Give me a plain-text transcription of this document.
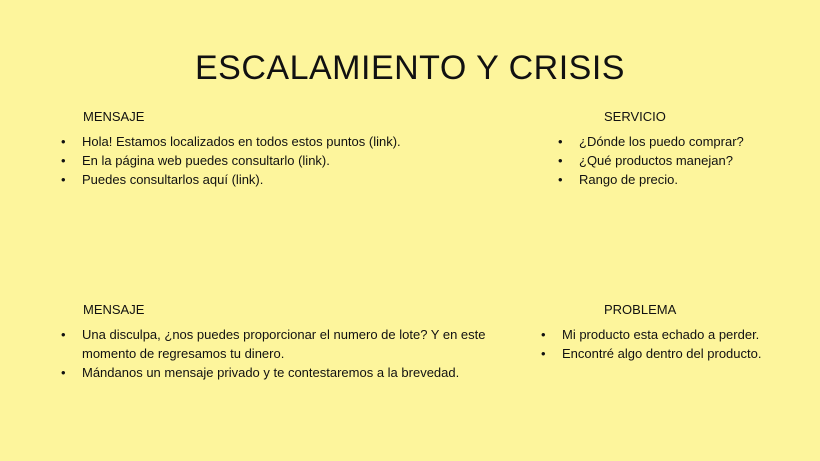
ESCALAMIENTO Y CRISIS
MENSAJE
• Hola! Estamos localizados en todos estos puntos (link).
• En la página web puedes consultarlo (link).
• Puedes consultarlos aquí (link).
SERVICIO
• ¿Dónde los puedo comprar?
• ¿Qué productos manejan?
• Rango de precio.
MENSAJE
• Una disculpa, ¿nos puedes proporcionar el numero de lote? Y en este momento de regresamos tu dinero.
• Mándanos un mensaje privado y te contestaremos a la brevedad.
PROBLEMA
• Mi producto esta echado a perder.
• Encontré algo dentro del producto.
